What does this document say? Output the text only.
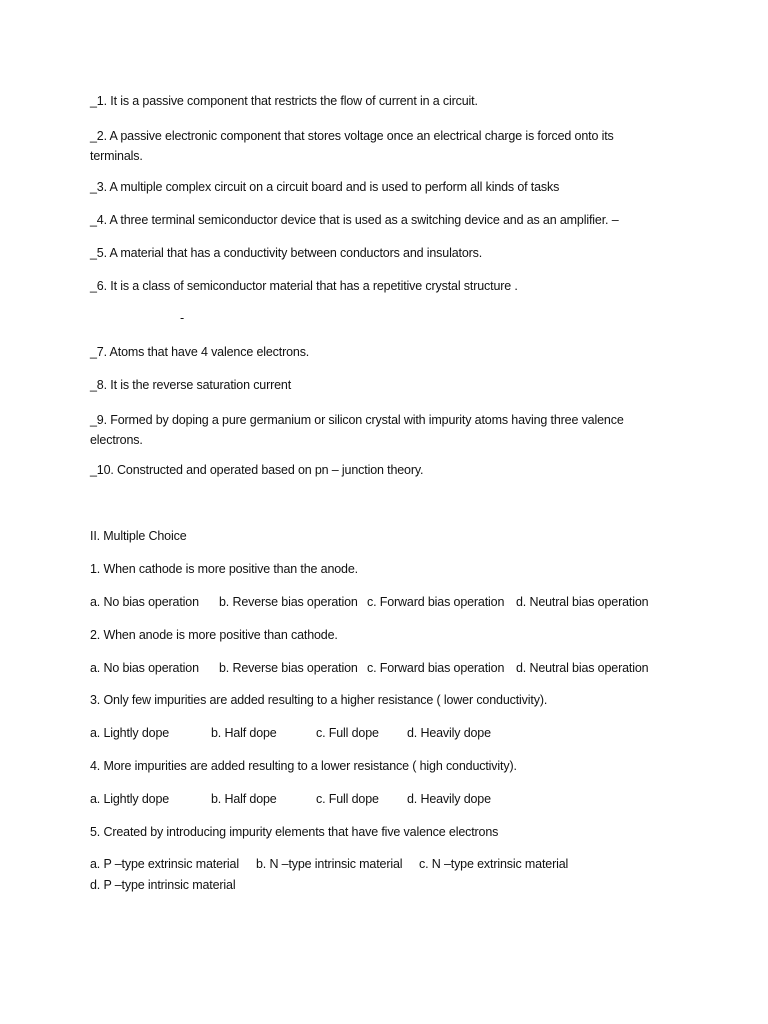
_1. It is a passive component that restricts the flow of current in a circuit.
_2. A passive electronic component that stores voltage once an electrical charge is forced onto its terminals.
_3. A multiple complex circuit on a circuit board and is used to perform all kinds of tasks
_4. A three terminal semiconductor device that is used as a switching device and as an amplifier. –
_5. A material that has a conductivity between conductors and insulators.
_6. It is a class of semiconductor material that has a repetitive crystal structure .
-
_7. Atoms that have 4 valence electrons.
_8. It is the reverse saturation current
_9. Formed by doping a pure germanium or silicon crystal with impurity atoms having three valence electrons.
_10. Constructed and operated based on pn – junction theory.
II. Multiple Choice
1. When cathode is more positive than the anode.
a. No bias operation b. Reverse bias operation c. Forward bias operation d. Neutral bias operation
2. When anode is more positive than cathode.
a. No bias operation b. Reverse bias operation c. Forward bias operation d. Neutral bias operation
3. Only few impurities are added resulting to a higher resistance ( lower conductivity).
a. Lightly dope	b. Half dope	c. Full dope d. Heavily dope
4. More impurities are added resulting to a lower resistance ( high conductivity).
a. Lightly dope	b. Half dope	c. Full dope d. Heavily dope
5. Created by introducing impurity elements that have five valence electrons
a. P –type extrinsic material b. N –type intrinsic material c. N –type extrinsic material
d. P –type intrinsic material
